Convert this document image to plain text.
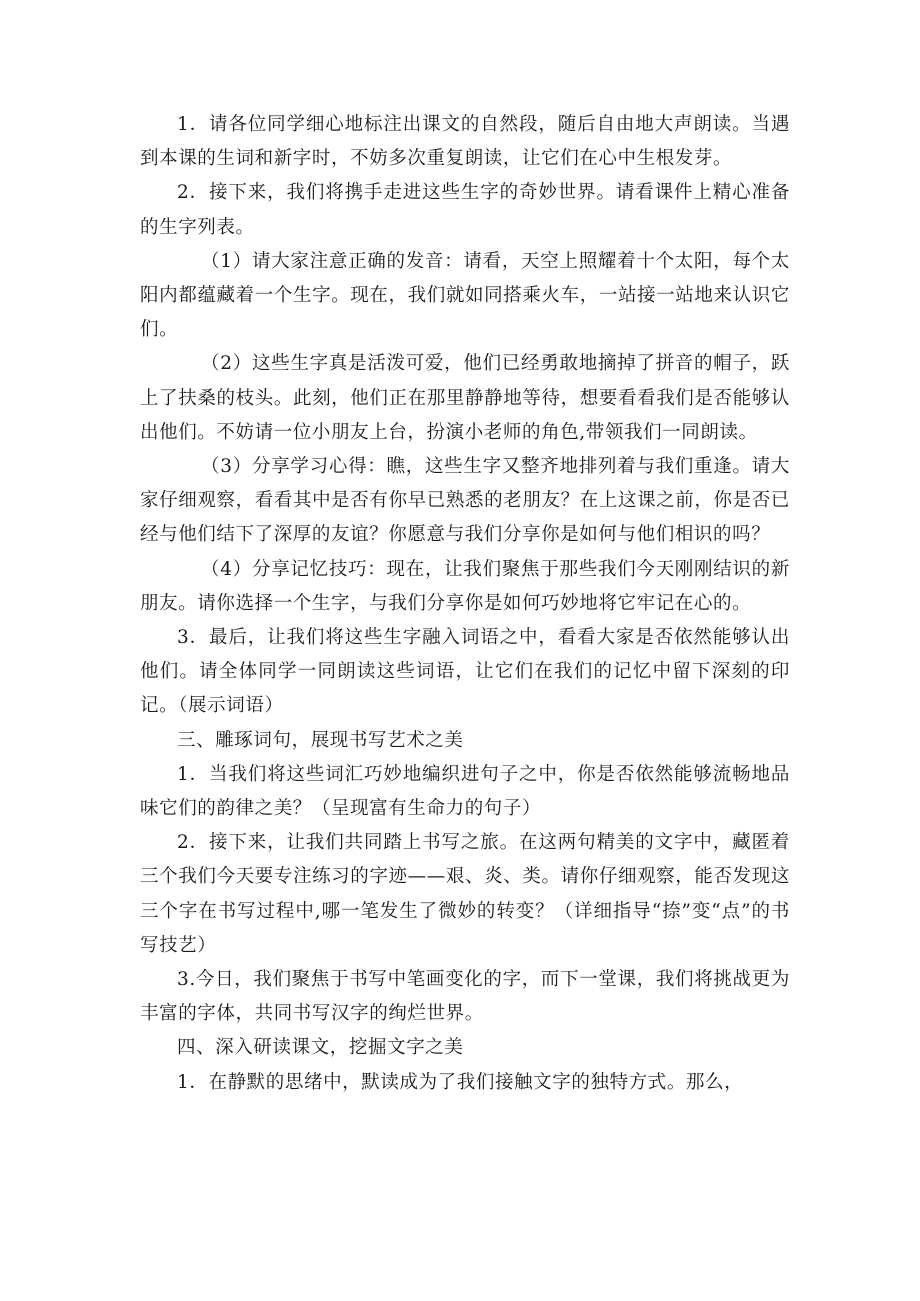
1．请各位同学细心地标注出课文的自然段，随后自由地大声朗读。当遇到本课的生词和新字时，不妨多次重复朗读，让它们在心中生根发芽。

2．接下来，我们将携手走进这些生字的奇妙世界。请看课件上精心准备的生字列表。

（1）请大家注意正确的发音：请看，天空上照耀着十个太阳，每个太阳内都蕴藏着一个生字。现在，我们就如同搭乘火车，一站接一站地来认识它们。

（2）这些生字真是活泼可爱，他们已经勇敢地摘掉了拼音的帽子，跃上了扶桑的枝头。此刻，他们正在那里静静地等待，想要看看我们是否能够认出他们。不妨请一位小朋友上台，扮演小老师的角色,带领我们一同朗读。

（3）分享学习心得：瞧，这些生字又整齐地排列着与我们重逢。请大家仔细观察，看看其中是否有你早已熟悉的老朋友？在上这课之前，你是否已经与他们结下了深厚的友谊？你愿意与我们分享你是如何与他们相识的吗？

（4）分享记忆技巧：现在，让我们聚焦于那些我们今天刚刚结识的新朋友。请你选择一个生字，与我们分享你是如何巧妙地将它牢记在心的。

3．最后，让我们将这些生字融入词语之中，看看大家是否依然能够认出他们。请全体同学一同朗读这些词语，让它们在我们的记忆中留下深刻的印记。（展示词语）

三、雕琢词句，展现书写艺术之美

1．当我们将这些词汇巧妙地编织进句子之中，你是否依然能够流畅地品味它们的韵律之美？（呈现富有生命力的句子）

2．接下来，让我们共同踏上书写之旅。在这两句精美的文字中，藏匿着三个我们今天要专注练习的字迹——艰、炎、类。请你仔细观察，能否发现这三个字在书写过程中,哪一笔发生了微妙的转变？（详细指导“捺”变“点”的书写技艺）

3.今日，我们聚焦于书写中笔画变化的字，而下一堂课，我们将挑战更为丰富的字体，共同书写汉字的绚烂世界。

四、深入研读课文，挖掘文字之美

1．在静默的思绪中，默读成为了我们接触文字的独特方式。那么，
